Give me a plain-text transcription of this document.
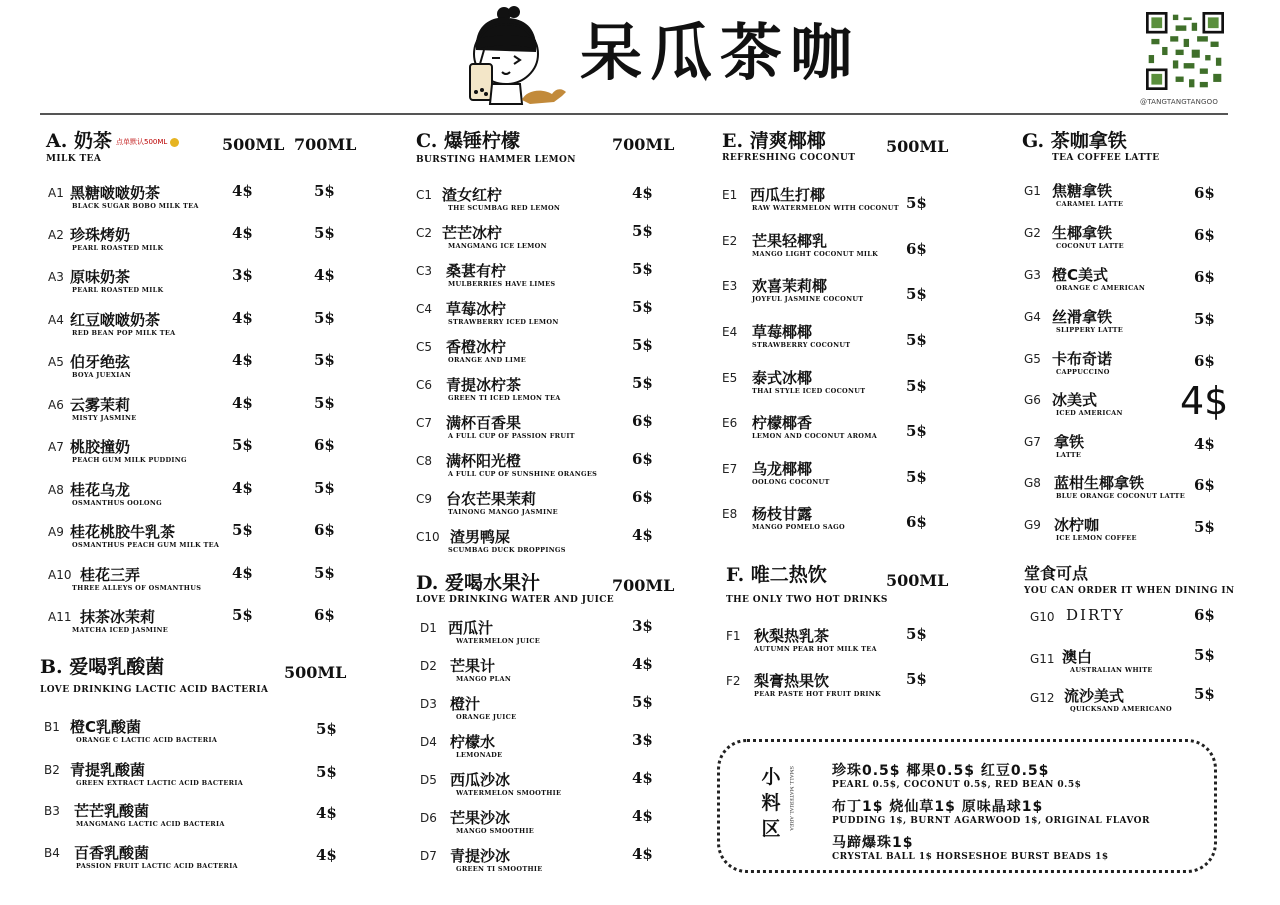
呆瓜茶咖
@TANGTANGTANGOO
A. 奶茶 点单默认500ML
MILK TEA
500ML 700ML
A1 黑糖啵啵奶茶
BLACK SUGAR BOBO MILK TEA
4$	5$
A2 珍珠烤奶
PEARL ROASTED MILK
4$	5$
A3 原味奶茶
PEARL ROASTED MILK
3$	4$
A4 红豆啵啵奶茶
RED BEAN POP MILK TEA
4$	5$
A5 伯牙绝弦
BOYA JUEXIAN
4$	5$
A6 云雾茉莉
MISTY JASMINE
4$	5$
A7 桃胶撞奶
PEACH GUM MILK PUDDING
5$	6$
A8 桂花乌龙
OSMANTHUS OOLONG
4$	5$
A9 桂花桃胶牛乳茶
OSMANTHUS PEACH GUM MILK TEA
5$	6$
A10 桂花三弄
THREE ALLEYS OF OSMANTHUS
4$	5$
A11 抹茶冰茉莉
MATCHA ICED JASMINE
5$	6$
B. 爱喝乳酸菌
LOVE DRINKING LACTIC ACID BACTERIA
500ML
B1 橙C乳酸菌
ORANGE C LACTIC ACID BACTERIA
5$
B2 青提乳酸菌
GREEN EXTRACT LACTIC ACID BACTERIA
5$
B3 芒芒乳酸菌
MANGMANG LACTIC ACID BACTERIA
4$
B4 百香乳酸菌
PASSION FRUIT LACTIC ACID BACTERIA
4$
C. 爆锤柠檬
BURSTING HAMMER LEMON
700ML
C1 渣女红柠
THE SCUMBAG RED LEMON
4$
C2 芒芒冰柠
MANGMANG ICE LEMON
5$
C3 桑葚有柠
MULBERRIES HAVE LIMES
5$
C4 草莓冰柠
STRAWBERRY ICED LEMON
5$
C5 香橙冰柠
ORANGE AND LIME
5$
C6 青提冰柠茶
GREEN TI ICED LEMON TEA
5$
C7 满杯百香果
A FULL CUP OF PASSION FRUIT
6$
C8 满杯阳光橙
A FULL CUP OF SUNSHINE ORANGES
6$
C9 台农芒果茉莉
TAINONG MANGO JASMINE
6$
C10 渣男鸭屎
SCUMBAG DUCK DROPPINGS
4$
D. 爱喝水果汁
LOVE DRINKING WATER AND JUICE
700ML
D1 西瓜汁
WATERMELON JUICE
3$
D2 芒果计
MANGO PLAN
4$
D3 橙汁
ORANGE JUICE
5$
D4 柠檬水
LEMONADE
3$
D5 西瓜沙冰
WATERMELON SMOOTHIE
4$
D6 芒果沙冰
MANGO SMOOTHIE
4$
D7 青提沙冰
GREEN TI SMOOTHIE
4$
E. 清爽椰椰
REFRESHING COCONUT
500ML
E1 西瓜生打椰
RAW WATERMELON WITH COCONUT 5$
E2 芒果轻椰乳
MANGO LIGHT COCONUT MILK 6$
E3 欢喜茉莉椰
JOYFUL JASMINE COCONUT	5$
E4 草莓椰椰
STRAWBERRY COCONUT	5$
E5 泰式冰椰
THAI STYLE ICED COCONUT	5$
E6 柠檬椰香
LEMON AND COCONUT AROMA 5$
E7 乌龙椰椰
OOLONG COCONUT	5$
E8 杨枝甘露
MANGO POMELO SAGO	6$
F. 唯二热饮
THE ONLY TWO HOT DRINKS
500ML
F1 秋梨热乳茶
AUTUMN PEAR HOT MILK TEA
5$
F2 梨膏热果饮
PEAR PASTE HOT FRUIT DRINK
5$
G. 茶咖拿铁
TEA COFFEE LATTE
G1 焦糖拿铁
CARAMEL LATTE
6$
G2 生椰拿铁
COCONUT LATTE
6$
G3 橙C美式
ORANGE C AMERICAN
6$
G4 丝滑拿铁
SLIPPERY LATTE
5$
G5 卡布奇诺
CAPPUCCINO
6$
G6 冰美式
ICED AMERICAN 4$
G7 拿铁
LATTE
4$
G8 蓝柑生椰拿铁
BLUE ORANGE COCONUT LATTE
6$
G9 冰柠咖
ICE LEMON COFFEE
5$
堂食可点
YOU CAN ORDER IT WHEN DINING IN
G10 DIRTY	6$
G11 澳白
AUSTRALIAN WHITE
5$
G12 流沙美式
QUICKSAND AMERICANO
5$
小料区	SMALL MATERIAL AREA	珍珠0.5$ 椰果0.5$ 红豆0.5$
PEARL 0.5$, COCONUT 0.5$, RED BEAN 0.5$
布丁1$ 烧仙草1$ 原味晶球1$
PUDDING 1$, BURNT AGARWOOD 1$, ORIGINAL FLAVOR
马蹄爆珠1$
CRYSTAL BALL 1$ HORSESHOE BURST BEADS 1$
